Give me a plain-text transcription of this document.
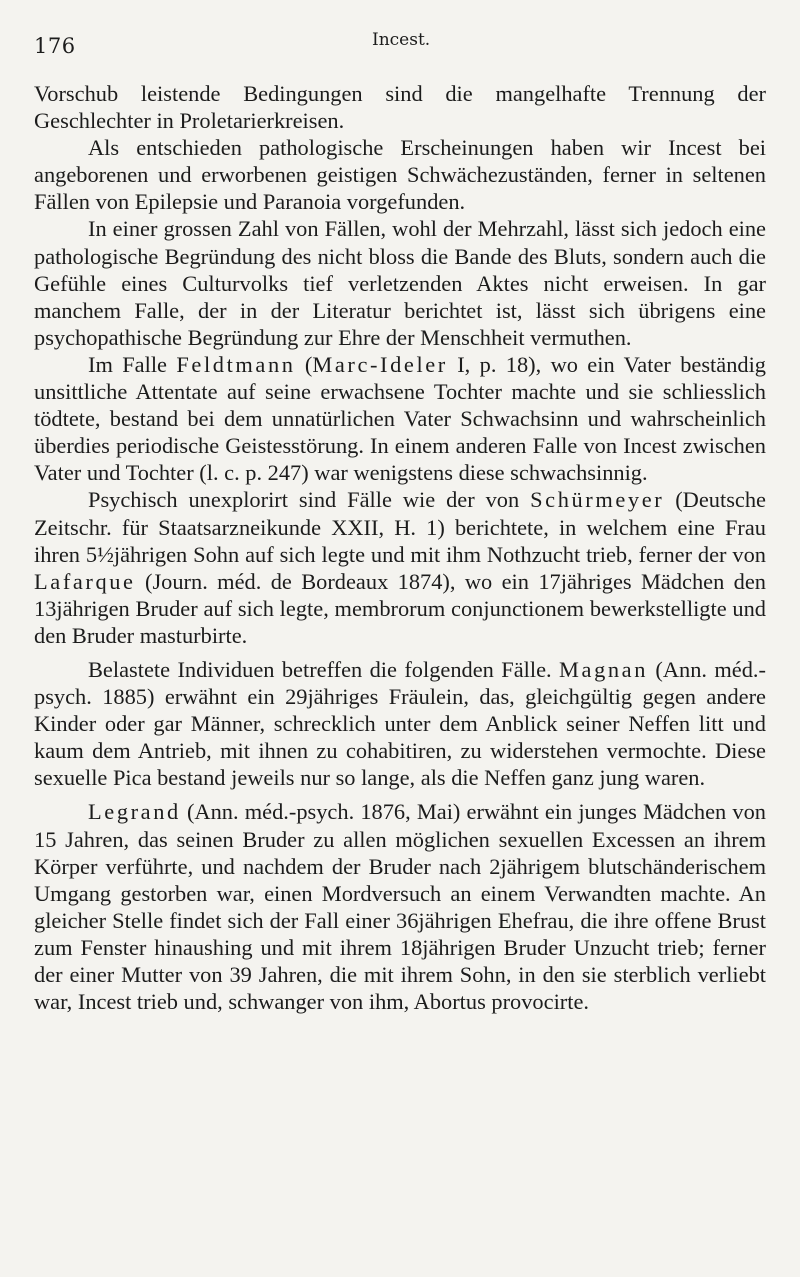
176	Incest.

Vorschub leistende Bedingungen sind die mangelhafte Trennung der Geschlechter in Proletarierkreisen.

Als entschieden pathologische Erscheinungen haben wir Incest bei angeborenen und erworbenen geistigen Schwächezuständen, ferner in seltenen Fällen von Epilepsie und Paranoia vorgefunden.

In einer grossen Zahl von Fällen, wohl der Mehrzahl, lässt sich jedoch eine pathologische Begründung des nicht bloss die Bande des Bluts, sondern auch die Gefühle eines Culturvolks tief verletzenden Aktes nicht erweisen. In gar manchem Falle, der in der Literatur berichtet ist, lässt sich übrigens eine psychopathische Begründung zur Ehre der Menschheit vermuthen.

Im Falle Feldtmann (Marc-Ideler I, p. 18), wo ein Vater beständig unsittliche Attentate auf seine erwachsene Tochter machte und sie schliesslich tödtete, bestand bei dem unnatürlichen Vater Schwachsinn und wahrscheinlich überdies periodische Geistesstörung. In einem anderen Falle von Incest zwischen Vater und Tochter (l. c. p. 247) war wenigstens diese schwachsinnig.

Psychisch unexplorirt sind Fälle wie der von Schürmeyer (Deutsche Zeitschr. für Staatsarzneikunde XXII, H. 1) berichtete, in welchem eine Frau ihren 5½jährigen Sohn auf sich legte und mit ihm Nothzucht trieb, ferner der von Lafarque (Journ. méd. de Bordeaux 1874), wo ein 17jähriges Mädchen den 13jährigen Bruder auf sich legte, membrorum conjunctionem bewerkstelligte und den Bruder masturbirte.

Belastete Individuen betreffen die folgenden Fälle. Magnan (Ann. méd.-psych. 1885) erwähnt ein 29jähriges Fräulein, das, gleichgültig gegen andere Kinder oder gar Männer, schrecklich unter dem Anblick seiner Neffen litt und kaum dem Antrieb, mit ihnen zu cohabitiren, zu widerstehen vermochte. Diese sexuelle Pica bestand jeweils nur so lange, als die Neffen ganz jung waren.

Legrand (Ann. méd.-psych. 1876, Mai) erwähnt ein junges Mädchen von 15 Jahren, das seinen Bruder zu allen möglichen sexuellen Excessen an ihrem Körper verführte, und nachdem der Bruder nach 2jährigem blutschänderischem Umgang gestorben war, einen Mordversuch an einem Verwandten machte. An gleicher Stelle findet sich der Fall einer 36jährigen Ehefrau, die ihre offene Brust zum Fenster hinaushing und mit ihrem 18jährigen Bruder Unzucht trieb; ferner der einer Mutter von 39 Jahren, die mit ihrem Sohn, in den sie sterblich verliebt war, Incest trieb und, schwanger von ihm, Abortus provocirte.
